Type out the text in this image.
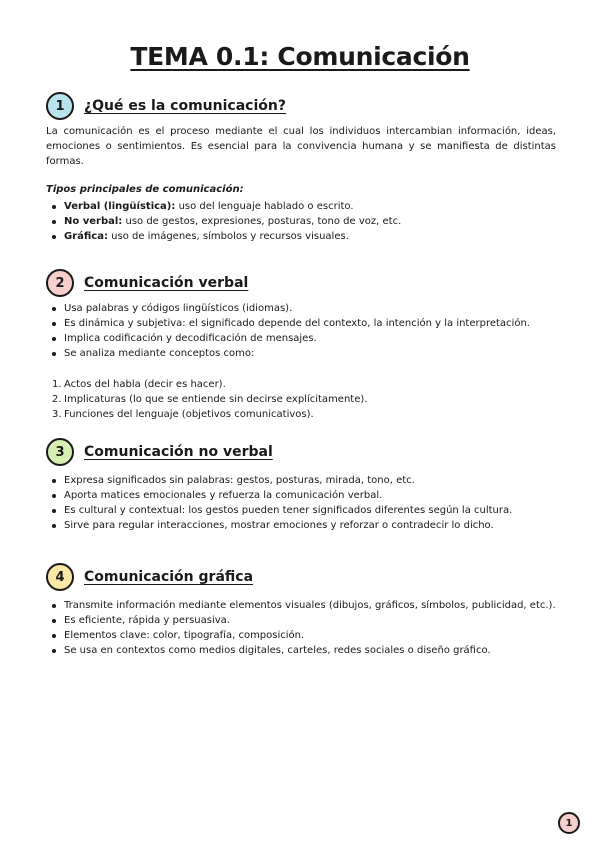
TEMA 0.1: Comunicación
1	¿Qué es la comunicación?

La comunicación es el proceso mediante el cual los individuos intercambian información, ideas, emociones o sentimientos. Es esencial para la convivencia humana y se manifiesta de distintas formas.

Tipos principales de comunicación:

Verbal (lingüística): uso del lenguaje hablado o escrito.
No verbal: uso de gestos, expresiones, posturas, tono de voz, etc.
Gráfica: uso de imágenes, símbolos y recursos visuales.
2	Comunicación verbal
Usa palabras y códigos lingüísticos (idiomas).
Es dinámica y subjetiva: el significado depende del contexto, la intención y la interpretación.
Implica codificación y decodificación de mensajes.
Se analiza mediante conceptos como:
1. Actos del habla (decir es hacer).
2. Implicaturas (lo que se entiende sin decirse explícitamente).
3. Funciones del lenguaje (objetivos comunicativos).
3	Comunicación no verbal
Expresa significados sin palabras: gestos, posturas, mirada, tono, etc.
Aporta matices emocionales y refuerza la comunicación verbal.
Es cultural y contextual: los gestos pueden tener significados diferentes según la cultura.
Sirve para regular interacciones, mostrar emociones y reforzar o contradecir lo dicho.
4	Comunicación gráfica
Transmite información mediante elementos visuales (dibujos, gráficos, símbolos, publicidad, etc.).
Es eficiente, rápida y persuasiva.
Elementos clave: color, tipografía, composición.
Se usa en contextos como medios digitales, carteles, redes sociales o diseño gráfico.
1
